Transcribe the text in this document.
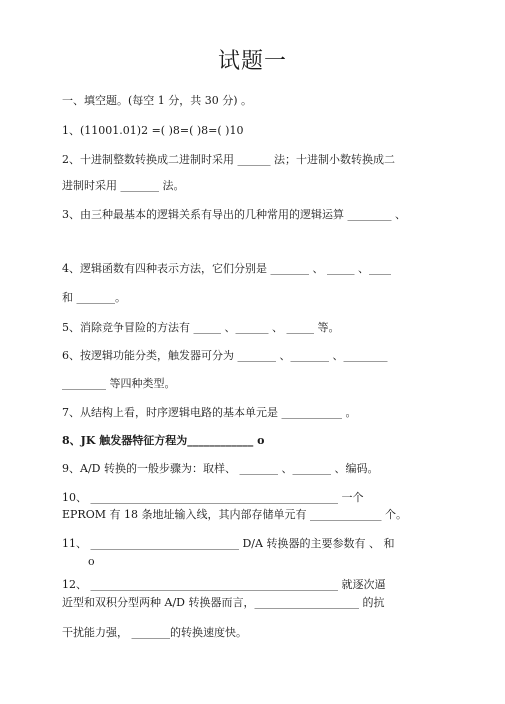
试题一
一、填空题。(每空 1 分，共 30 分) 。
1、(11001.01)2 =( )8=( )8=( )10
2、十进制整数转换成二进制时采用 ______ 法；十进制小数转换成二
进制时采用 _______ 法。
3、由三种最基本的逻辑关系有导出的几种常用的逻辑运算 ________ 、
4、逻辑函数有四种表示方法，它们分别是 _______ 、 _____ 、____
和 _______。
5、消除竞争冒险的方法有 _____ 、______ 、 _____ 等。
6、按逻辑功能分类，触发器可分为 _______ 、_______ 、________
________ 等四种类型。
7、从结构上看，时序逻辑电路的基本单元是 ___________ 。
8、JK 触发器特征方程为____________ o
9、A/D 转换的一般步骤为：取样、 _______ 、_______ 、编码。
10、 _____________________________________________ 一个
EPROM 有 18 条地址输入线，其内部存储单元有 _____________ 个。
11、 ___________________________ D/A 转换器的主要参数有 、 和
o
12、 _____________________________________________ 就逐次逼
近型和双积分型两种 A/D 转换器而言，___________________ 的抗
干扰能力强， _______的转换速度快。
